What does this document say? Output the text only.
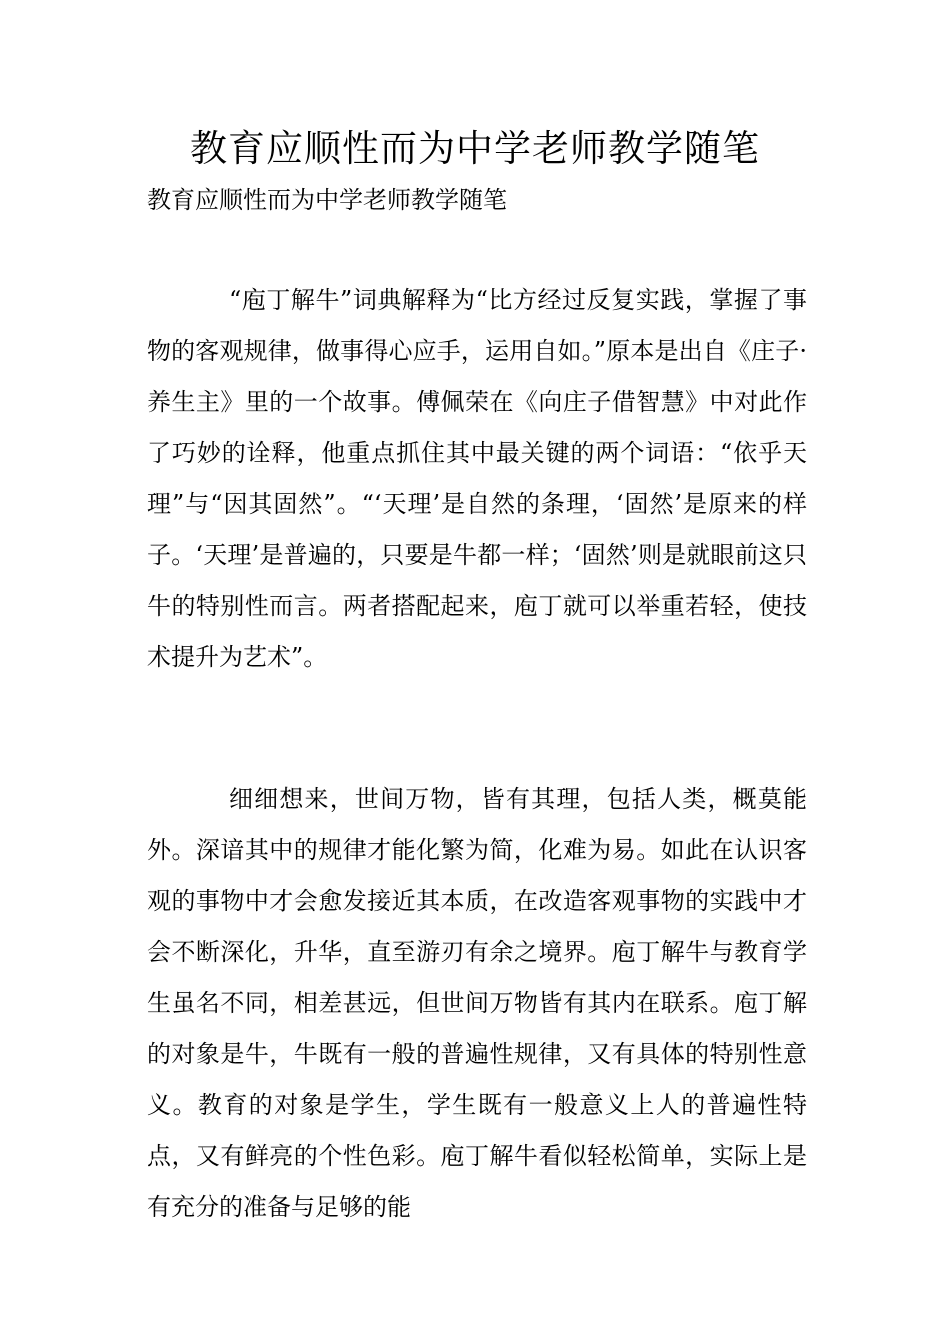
教育应顺性而为中学老师教学随笔

教育应顺性而为中学老师教学随笔

“庖丁解牛”词典解释为“比方经过反复实践，掌握了事物的客观规律，做事得心应手，运用自如。”原本是出自《庄子·养生主》里的一个故事。傅佩荣在《向庄子借智慧》中对此作了巧妙的诠释，他重点抓住其中最关键的两个词语：“依乎天理”与“因其固然”。“‘天理’是自然的条理，‘固然’是原来的样子。‘天理’是普遍的，只要是牛都一样；‘固然’则是就眼前这只牛的特别性而言。两者搭配起来，庖丁就可以举重若轻，使技术提升为艺术”。

细细想来，世间万物，皆有其理，包括人类，概莫能外。深谙其中的规律才能化繁为简，化难为易。如此在认识客观的事物中才会愈发接近其本质，在改造客观事物的实践中才会不断深化，升华，直至游刃有余之境界。庖丁解牛与教育学生虽名不同，相差甚远，但世间万物皆有其内在联系。庖丁解的对象是牛，牛既有一般的普遍性规律，又有具体的特别性意义。教育的对象是学生，学生既有一般意义上人的普遍性特点，又有鲜亮的个性色彩。庖丁解牛看似轻松简单，实际上是有充分的准备与足够的能
